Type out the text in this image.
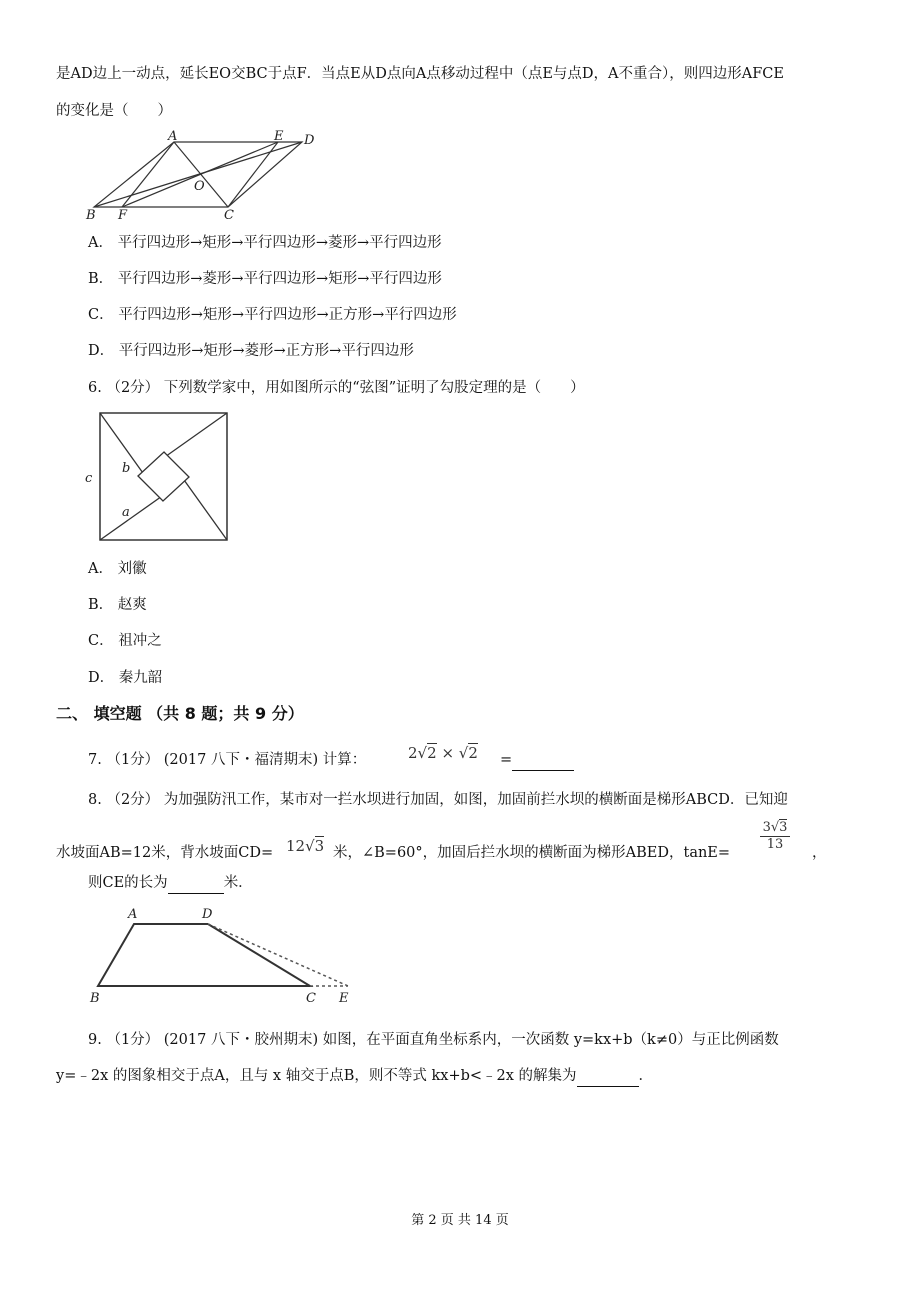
是AD边上一动点，延长EO交BC于点F．当点E从D点向A点移动过程中（点E与点D，A不重合），则四边形AFCE
的变化是（　　）
A	E D
O
B F	C
A． 平行四边形→矩形→平行四边形→菱形→平行四边形
B． 平行四边形→菱形→平行四边形→矩形→平行四边形
C． 平行四边形→矩形→平行四边形→正方形→平行四边形
D． 平行四边形→矩形→菱形→正方形→平行四边形
6. （2分） 下列数学家中，用如图所示的“弦图”证明了勾股定理的是（　　）
c
b
a
A． 刘徽
B． 赵爽
C． 祖冲之
D． 秦九韶
二、 填空题 （共 8 题；共 9 分）
7. （1分） (2017 八下・福清期末) 计算：	2√2 × √2 =
8. （2分） 为加强防汛工作，某市对一拦水坝进行加固，如图，加固前拦水坝的横断面是梯形ABCD．已知迎
水坡面AB=12米，背水坡面CD= 12√3 米，∠B=60°，加固后拦水坝的横断面为梯形ABED，$\tan E= \frac{3√3}{13}$ ，
则CE的长为	米．
A	D
B	C E
9. （1分） (2017 八下・胶州期末) 如图，在平面直角坐标系内，一次函数 y=kx+b（k≠0）与正比例函数
y=﹣2x 的图象相交于点A，且与 x 轴交于点B，则不等式 kx+b<﹣2x 的解集为	．
第 2 页 共 14 页
